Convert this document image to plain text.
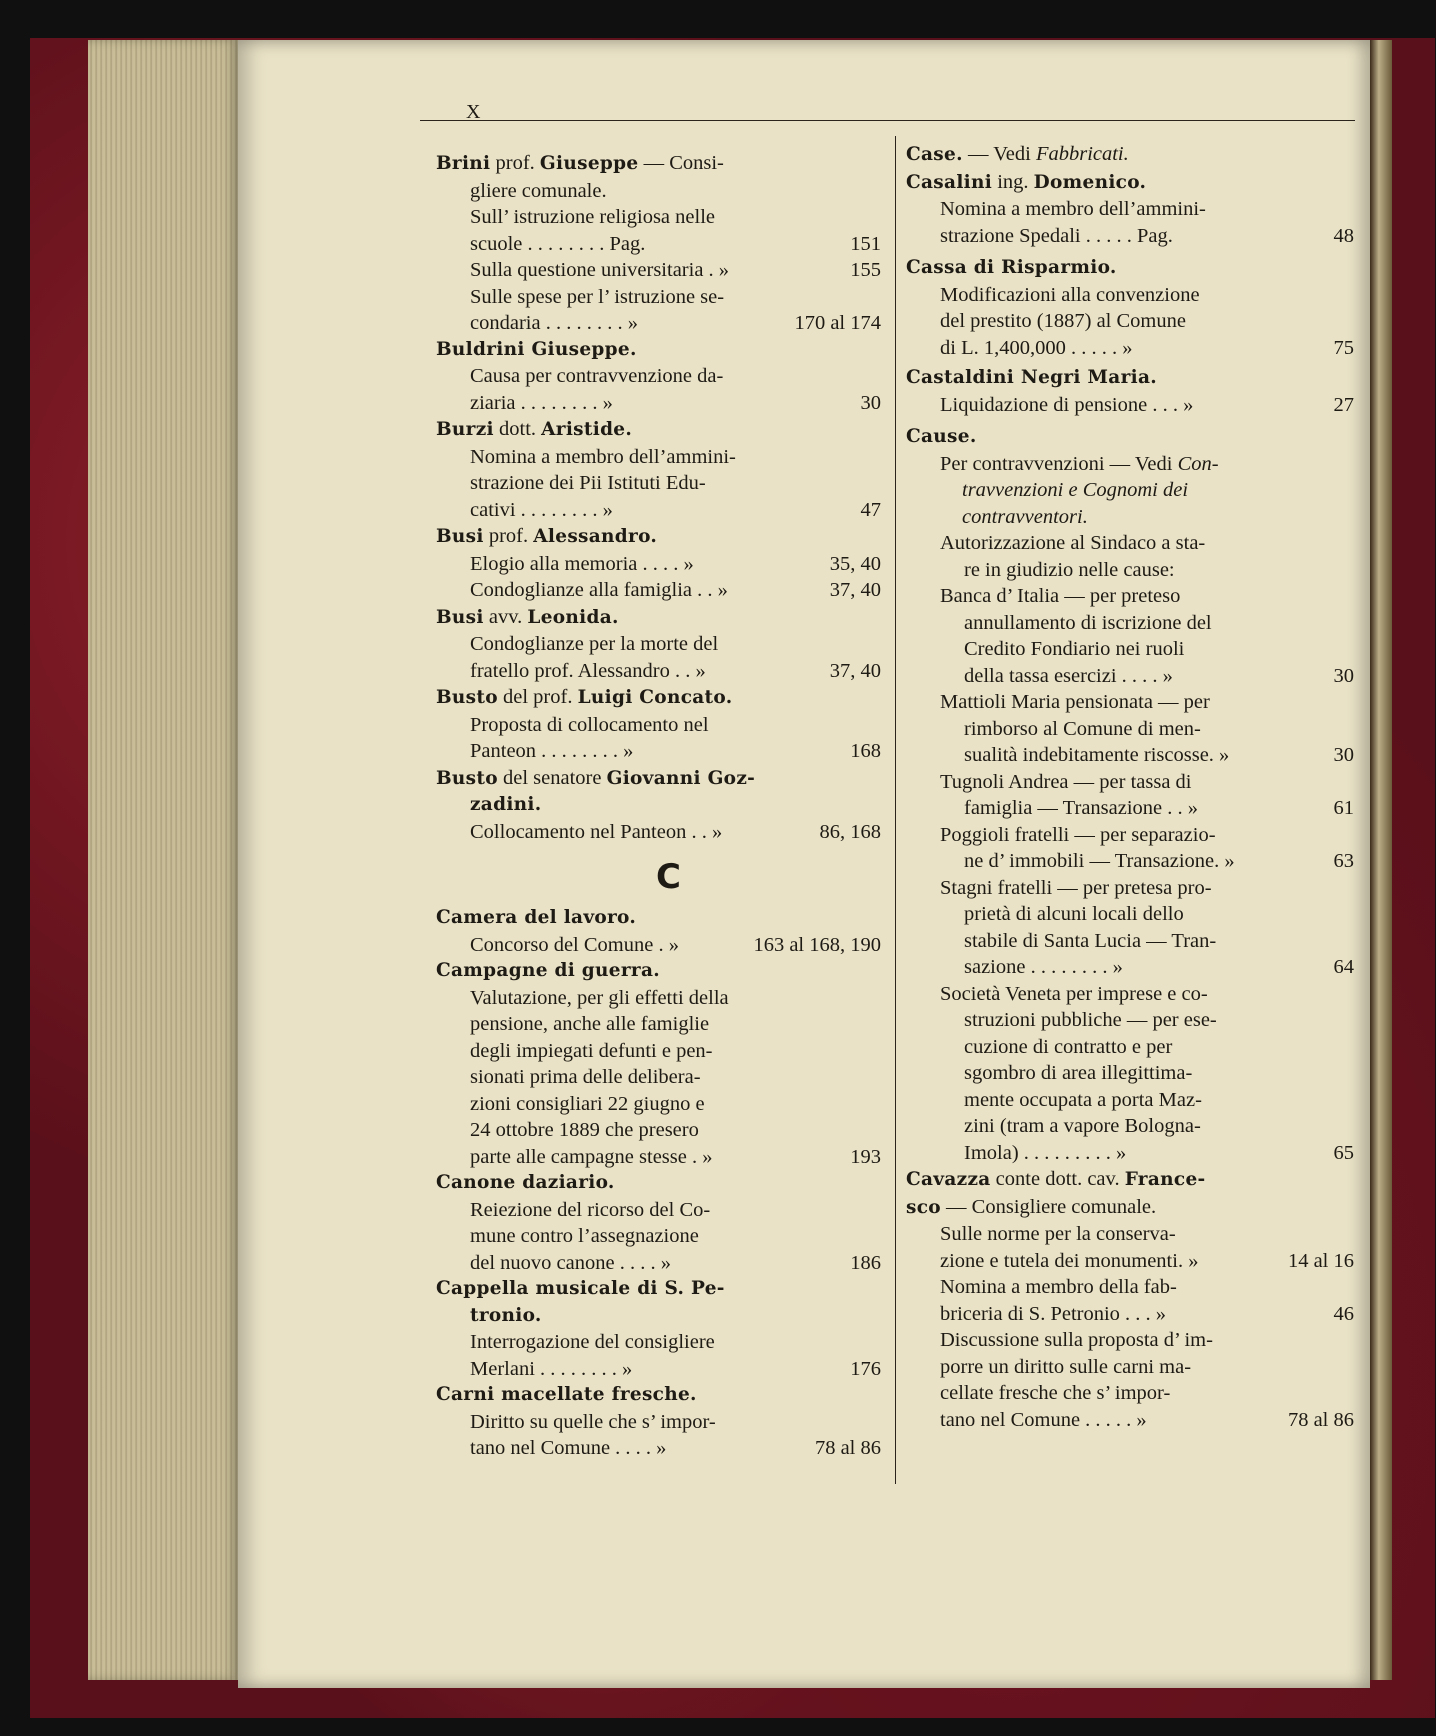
X
Brini prof. Giuseppe — Consi-
gliere comunale.
Sull’ istruzione religiosa nelle
scuole . . . . . . . . Pag.	151
Sulla questione universitaria . »	155
Sulle spese per l’ istruzione se-
condaria . . . . . . . . »	170 al 174
Buldrini Giuseppe.
Causa per contravvenzione da-
ziaria . . . . . . . . »	30
Burzi dott. Aristide.
Nomina a membro dell’ammini-
strazione dei Pii Istituti Edu-
cativi . . . . . . . . »	47
Busi prof. Alessandro.
Elogio alla memoria . . . . »	35, 40
Condoglianze alla famiglia . . »	37, 40
Busi avv. Leonida.
Condoglianze per la morte del
fratello prof. Alessandro . . »	37, 40
Busto del prof. Luigi Concato.
Proposta di collocamento nel
Panteon . . . . . . . . »	168
Busto del senatore Giovanni Goz-
zadini.
Collocamento nel Panteon . . »	86, 168
C
Camera del lavoro.
Concorso del Comune . »	163 al 168, 190
Campagne di guerra.
Valutazione, per gli effetti della
pensione, anche alle famiglie
degli impiegati defunti e pen-
sionati prima delle delibera-
zioni consigliari 22 giugno e
24 ottobre 1889 che presero
parte alle campagne stesse . »	193
Canone daziario.
Reiezione del ricorso del Co-
mune contro l’assegnazione
del nuovo canone . . . . »	186
Cappella musicale di S. Pe-
tronio.
Interrogazione del consigliere
Merlani . . . . . . . . »	176
Carni macellate fresche.
Diritto su quelle che s’ impor-
tano nel Comune . . . . »	78 al 86
Case. — Vedi Fabbricati.
Casalini ing. Domenico.
Nomina a membro dell’ammini-
strazione Spedali . . . . . Pag.	48
Cassa di Risparmio.
Modificazioni alla convenzione
del prestito (1887) al Comune
di L. 1,400,000 . . . . . »	75
Castaldini Negri Maria.
Liquidazione di pensione . . . »	27
Cause.
Per contravvenzioni — Vedi Con-
travvenzioni e Cognomi dei
contravventori.
Autorizzazione al Sindaco a sta-
re in giudizio nelle cause:
Banca d’ Italia — per preteso
annullamento di iscrizione del
Credito Fondiario nei ruoli
della tassa esercizi . . . . »	30
Mattioli Maria pensionata — per
rimborso al Comune di men-
sualità indebitamente riscosse. »	30
Tugnoli Andrea — per tassa di
famiglia — Transazione . . »	61
Poggioli fratelli — per separazio-
ne d’ immobili — Transazione. »	63
Stagni fratelli — per pretesa pro-
prietà di alcuni locali dello
stabile di Santa Lucia — Tran-
sazione . . . . . . . . »	64
Società Veneta per imprese e co-
struzioni pubbliche — per ese-
cuzione di contratto e per
sgombro di area illegittima-
mente occupata a porta Maz-
zini (tram a vapore Bologna-
Imola) . . . . . . . . . »	65
Cavazza conte dott. cav. France-
sco — Consigliere comunale.
Sulle norme per la conserva-
zione e tutela dei monumenti. »	14 al 16
Nomina a membro della fab-
briceria di S. Petronio . . . »	46
Discussione sulla proposta d’ im-
porre un diritto sulle carni ma-
cellate fresche che s’ impor-
tano nel Comune . . . . . »	78 al 86
